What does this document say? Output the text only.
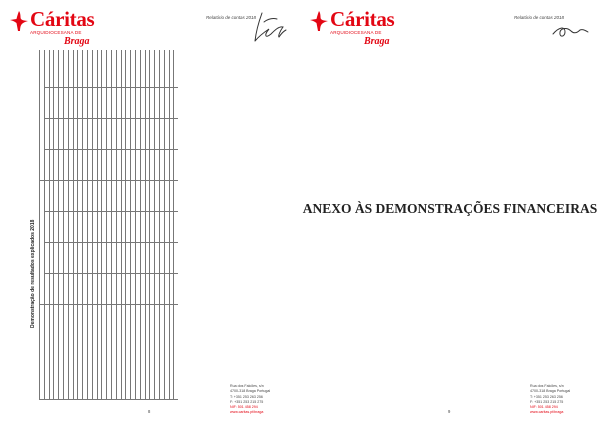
Cáritas
ARQUIDIOCESANA DE
Braga
Relatório de contas 2018
Demonstração de resultados explicados 2018

Rua dos Falcões, s/n
4700-318 Braga Portugal
T: +351 253 263 256
F: +351 253 215 275
NIF: 501 458 294
www.caritas.pt/braga
8
Cáritas
ARQUIDIOCESANA DE
Braga
Relatório de contas 2018
ANEXO ÀS DEMONSTRAÇÕES FINANCEIRAS
Rua dos Falcões, s/n
4700-318 Braga Portugal
T: +351 253 263 256
F: +351 253 215 275
NIF: 501 458 294
www.caritas.pt/braga
9
